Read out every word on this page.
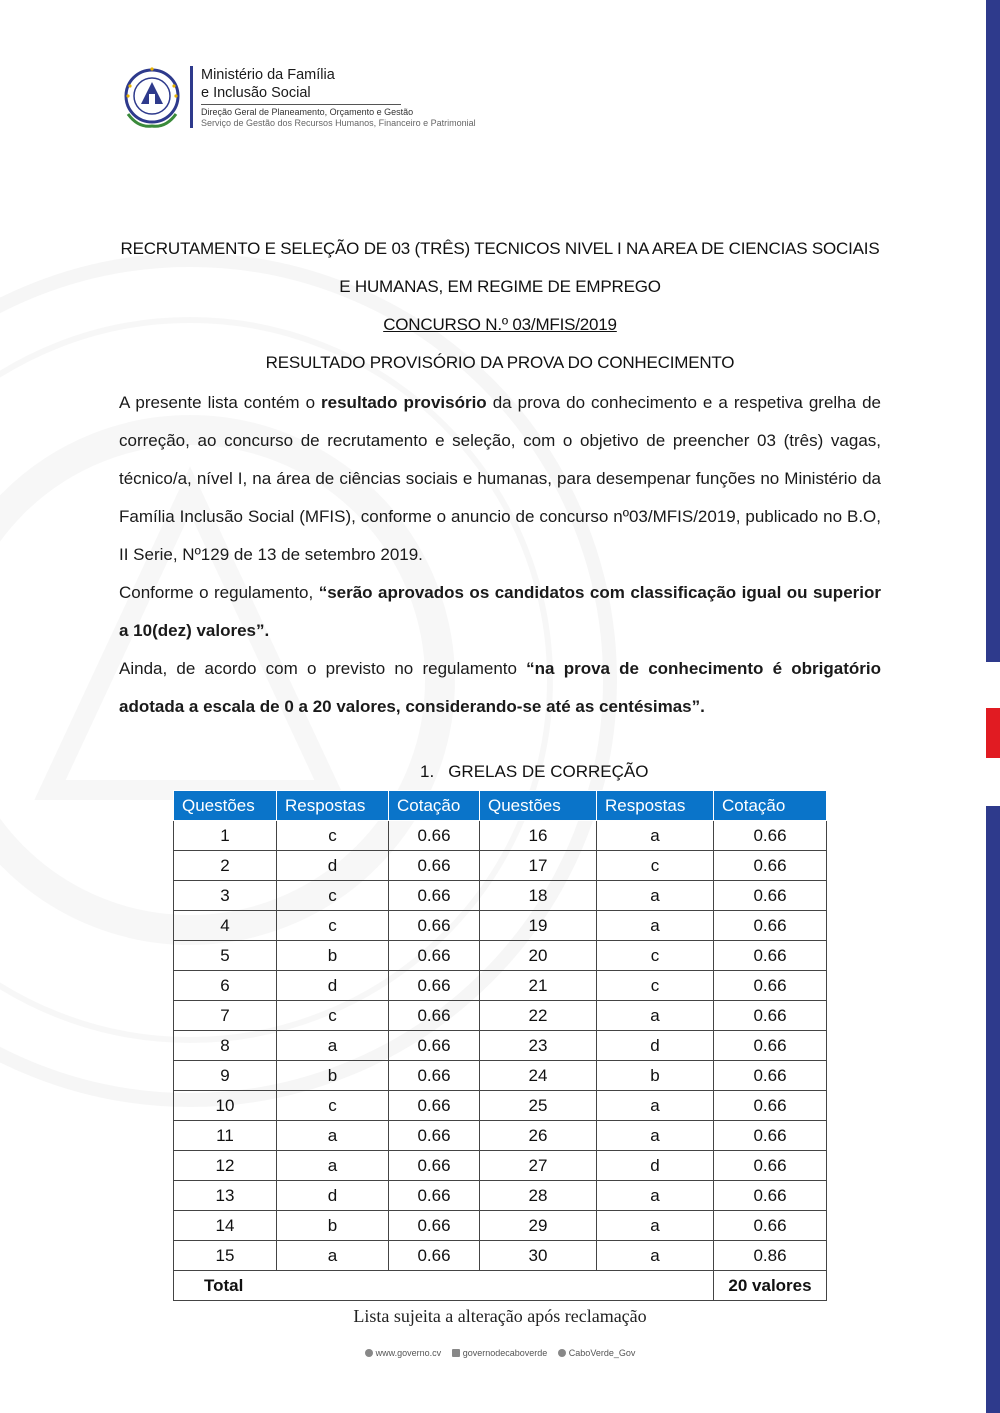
Ministério da Família
e Inclusão Social
Direção Geral de Planeamento, Orçamento e Gestão
Serviço de Gestão dos Recursos Humanos, Financeiro e Patrimonial
RECRUTAMENTO E SELEÇÃO DE 03 (TRÊS) TECNICOS NIVEL I NA AREA DE CIENCIAS SOCIAIS
E HUMANAS, EM REGIME DE EMPREGO
CONCURSO N.º 03/MFIS/2019
RESULTADO PROVISÓRIO DA PROVA DO CONHECIMENTO
A presente lista contém o resultado provisório da prova do conhecimento e a respetiva grelha de correção, ao concurso de recrutamento e seleção, com o objetivo de preencher 03 (três) vagas, técnico/a, nível I, na área de ciências sociais e humanas, para desempenar funções no Ministério da Família Inclusão Social (MFIS), conforme o anuncio de concurso nº03/MFIS/2019, publicado no B.O, II Serie, Nº129 de 13 de setembro 2019.
Conforme o regulamento, “serão aprovados os candidatos com classificação igual ou superior a 10(dez) valores”.
Ainda, de acordo com o previsto no regulamento “na prova de conhecimento é obrigatório adotada a escala de 0 a 20 valores, considerando-se até as centésimas”.
1. GRELAS DE CORREÇÃO
Questões	Respostas	Cotação	Questões	Respostas	Cotação
1	c	0.66	16	a	0.66
2	d	0.66	17	c	0.66
3	c	0.66	18	a	0.66
4	c	0.66	19	a	0.66
5	b	0.66	20	c	0.66
6	d	0.66	21	c	0.66
7	c	0.66	22	a	0.66
8	a	0.66	23	d	0.66
9	b	0.66	24	b	0.66
10	c	0.66	25	a	0.66
11	a	0.66	26	a	0.66
12	a	0.66	27	d	0.66
13	d	0.66	28	a	0.66
14	b	0.66	29	a	0.66
15	a	0.66	30	a	0.86
Total					20 valores
Lista sujeita a alteração após reclamação
www.governo.cv governodecaboverde CaboVerde_Gov
